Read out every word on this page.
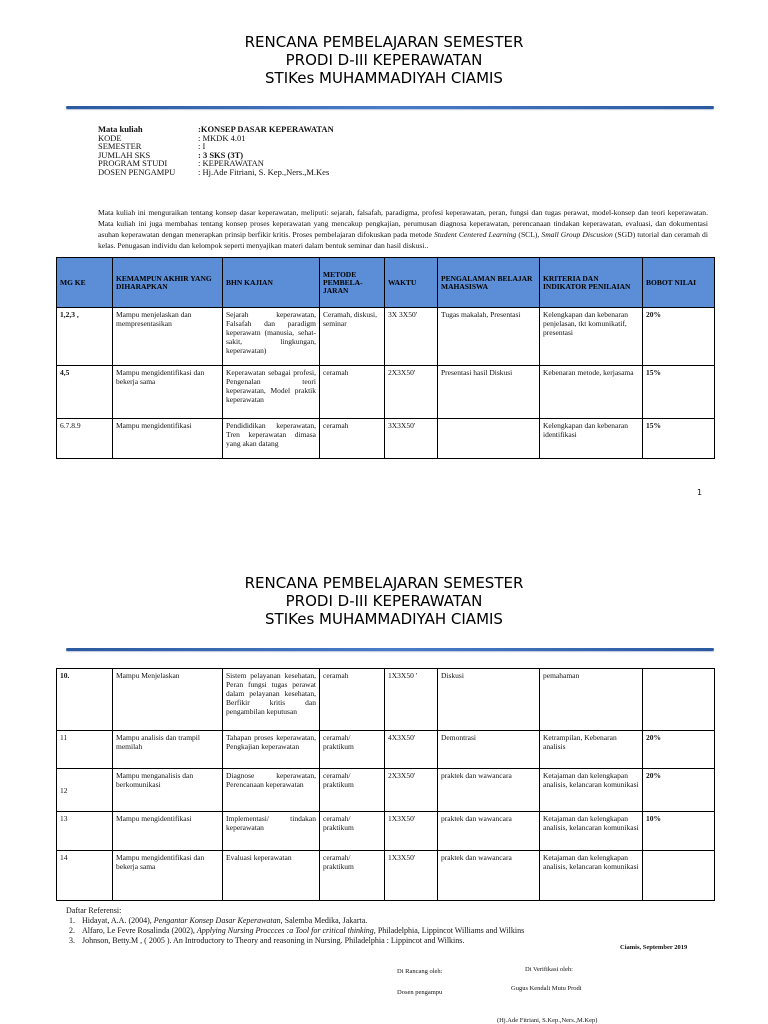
RENCANA PEMBELAJARAN SEMESTER
PRODI D-III KEPERAWATAN
STIKes MUHAMMADIYAH CIAMIS
Mata kuliah	:KONSEP DASAR KEPERAWATAN
KODE	: MKDK 4.01
SEMESTER	: I
JUMLAH SKS	: 3 SKS (3T)
PROGRAM STUDI	: KEPERAWATAN
DOSEN PENGAMPU	: Hj.Ade Fitriani, S. Kep.,Ners.,M.Kes
Mata kuliah ini menguraikan tentang konsep dasar keperawatan, meliputi: sejarah, falsafah, paradigma, profesi keperawatan, peran, fungsi dan tugas perawat, model-konsep dan teori keperawatan. Mata kuliah ini juga membahas tentang konsep proses keperawatan yang mencakup pengkajian, perumusan diagnosa keperawatan, perencanaan tindakan keperawatan, evaluasi, dan dokumentasi asuhan keperawatan dengan menerapkan prinsip berfikir kritis. Proses pembelajaran difokuskan pada metode Student Centered Learning (SCL), Small Group Discusion (SGD) tutorial dan ceramah di kelas. Penugasan individu dan kelompok seperti menyajikan materi dalam bentuk seminar dan hasil diskusi..
MG KE	KEMAMPUN AKHIR YANG DIHARAPKAN	BHN KAJIAN	METODE PEMBELA-JARAN	WAKTU	PENGALAMAN BELAJAR MAHASISWA	KRITERIA DAN INDIKATOR PENILAIAN	BOBOT NILAI
1,2,3 ,	Mampu menjelaskan dan mempresentasikan	Sejarah keperawatan, Falsafah dan paradigm keperawatn (manusia, sehat-sakit, lingkungan, keperawatan)	Ceramah, diskusi, seminar	3X 3X50'	Tugas makalah, Presentasi	Kelengkapan dan kebenaran penjelasan, tkt komunikatif, presentasi	20%
4,5	Mampu mengidentifikasi dan bekerja sama	Keperawatan sebagai profesi, Pengenalan teori keperawatan, Model praktik keperawatan	ceramah	2X3X50'	Presentasi hasil Diskusi	Kebenaran metode, kerjasama	15%
6.7.8.9	Mampu mengidentifikasi	Pendididikan keperawatan, Tren keperawatan dimasa yang akan datang	ceramah	3X3X50'		Kelengkapan dan kebenaran identifikasi	15%
1
RENCANA PEMBELAJARAN SEMESTER
PRODI D-III KEPERAWATAN
STIKes MUHAMMADIYAH CIAMIS
10.	Mampu Menjelaskan	Sistem pelayanan kesehatan, Peran fungsi tugas perawat dalam pelayanan kesehatan, Berfikir kritis dan pengambilan keputusan	ceramah	1X3X50 '	Diskusi	pemahaman	
11	Mampu analisis dan trampil memilah	Tahapan proses keperawatan, Pengkajian keperawatan	ceramah/ praktikum	4X3X50'	Demontrasi	Ketrampilan, Kebenaran analisis	20%
12	Mampu menganalisis dan berkomunikasi	Diagnose keperawatan, Perencanaan keperawatan	ceramah/ praktikum	2X3X50'	praktek dan wawancara	Ketajaman dan kelengkapan analisis, kelancaran komunikasi	20%
13	Mampu mengidentifikasi	Implementasi/ tindakan keperawatan	ceramah/ praktikum	1X3X50'	praktek dan wawancara	Ketajaman dan kelengkapan analisis, kelancaran komunikasi	10%
14	Mampu mengidentifikasi dan bekerja sama	Evaluasi keperawatan	ceramah/ praktikum	1X3X50'	praktek dan wawancara	Ketajaman dan kelengkapan analisis, kelancaran komunikasi	
Daftar Referensi:
1. Hidayat, A.A. (2004), Pengantar Konsep Dasar Keperawatan, Salemba Medika, Jakarta.
2. Alfaro, Le Fevre Rosalinda (2002), Applying Nursing Proccces :a Tool for critical thinking, Philadelphia, Lippincot Williams and Wilkins
3. Johnson, Betty.M , ( 2005 ). An Introductory to Theory and reasoning in Nursing. Philadelphia : Lippincot and Wilkins.
Ciamis, September 2019
Di Rancang oleh:	Di Verifikasi oleh:
Dosen pengampu
Gugus Kendali Mutu Prodi
(Hj.Ade Fitriani, S.Kep.,Ners.,M.Kep)
